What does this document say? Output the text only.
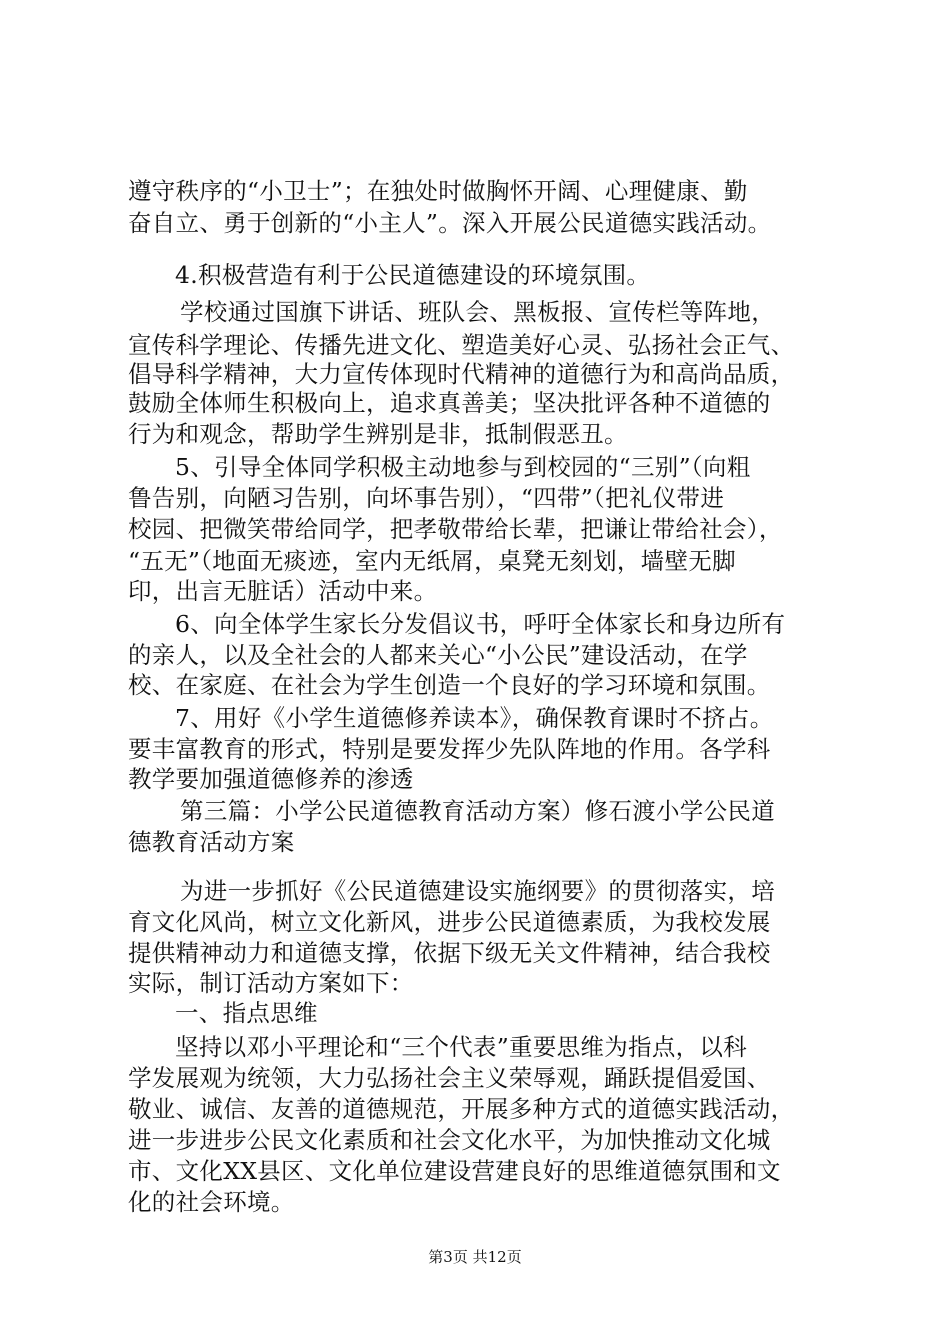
遵守秩序的“小卫士”；在独处时做胸怀开阔、心理健康、勤
奋自立、勇于创新的“小主人”。深入开展公民道德实践活动。
4.积极营造有利于公民道德建设的环境氛围。
学校通过国旗下讲话、班队会、黑板报、宣传栏等阵地，
宣传科学理论、传播先进文化、塑造美好心灵、弘扬社会正气、
倡导科学精神，大力宣传体现时代精神的道德行为和高尚品质，
鼓励全体师生积极向上，追求真善美；坚决批评各种不道德的
行为和观念，帮助学生辨别是非，抵制假恶丑。
5、引导全体同学积极主动地参与到校园的“三别”（向粗
鲁告别，向陋习告别，向坏事告别），“四带”（把礼仪带进
校园、把微笑带给同学，把孝敬带给长辈，把谦让带给社会），
“五无”（地面无痰迹，室内无纸屑，桌凳无刻划，墙壁无脚
印，出言无脏话）活动中来。
6、向全体学生家长分发倡议书，呼吁全体家长和身边所有
的亲人，以及全社会的人都来关心“小公民”建设活动，在学
校、在家庭、在社会为学生创造一个良好的学习环境和氛围。
7、用好《小学生道德修养读本》，确保教育课时不挤占。
要丰富教育的形式，特别是要发挥少先队阵地的作用。各学科
教学要加强道德修养的渗透
第三篇：小学公民道德教育活动方案）修石渡小学公民道
德教育活动方案
为进一步抓好《公民道德建设实施纲要》的贯彻落实，培
育文化风尚，树立文化新风，进步公民道德素质，为我校发展
提供精神动力和道德支撑，依据下级无关文件精神，结合我校
实际，制订活动方案如下：
一、指点思维
坚持以邓小平理论和“三个代表”重要思维为指点，以科
学发展观为统领，大力弘扬社会主义荣辱观，踊跃提倡爱国、
敬业、诚信、友善的道德规范，开展多种方式的道德实践活动，
进一步进步公民文化素质和社会文化水平，为加快推动文化城
市、文化XX县区、文化单位建设营建良好的思维道德氛围和文
化的社会环境。
第3页 共12页
